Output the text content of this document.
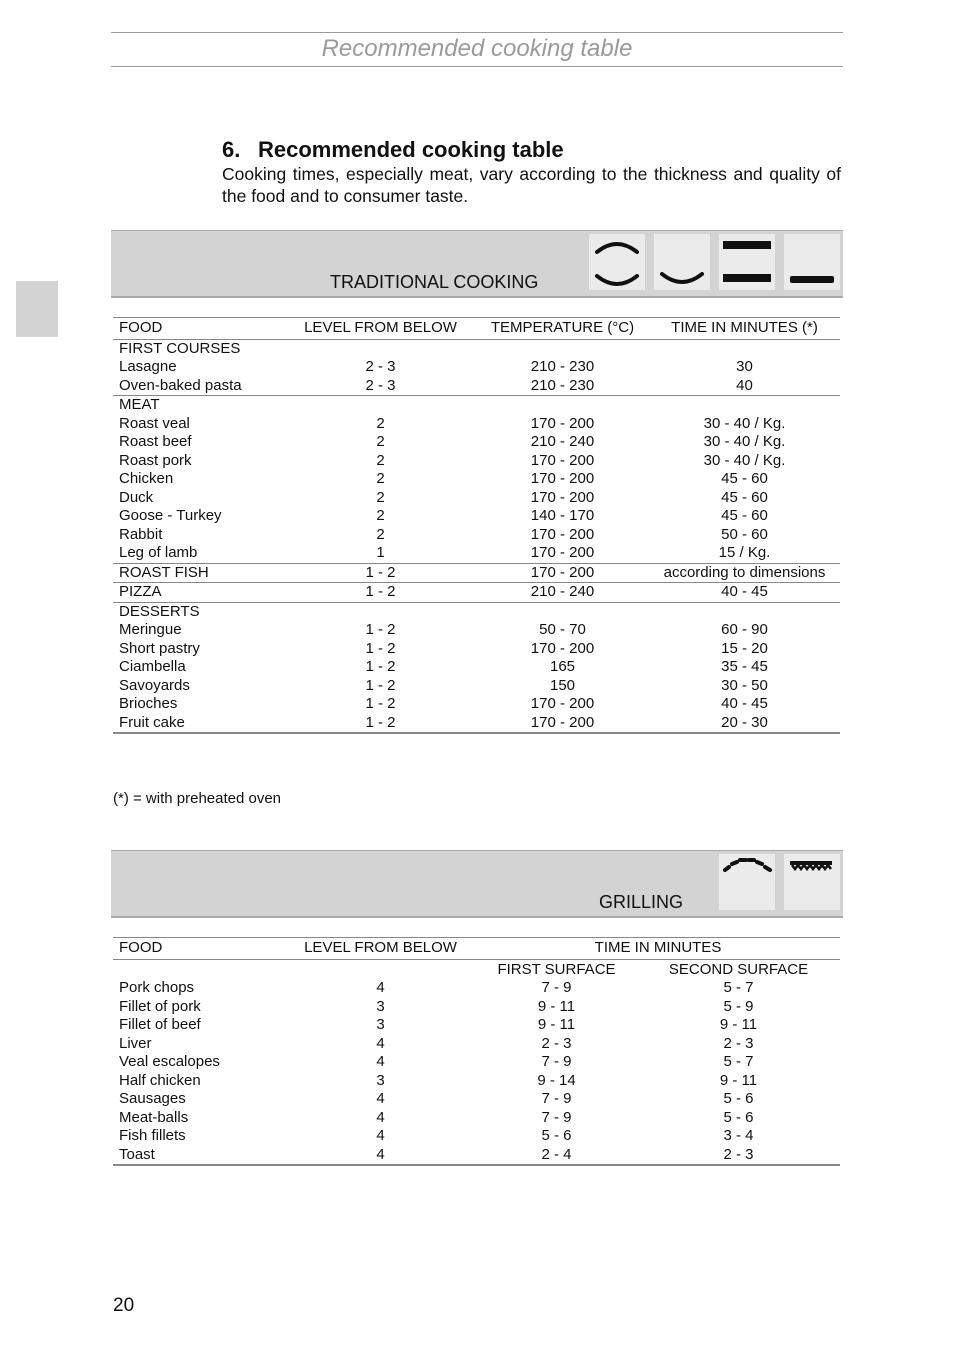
Recommended cooking table
6. Recommended cooking table
Cooking times, especially meat, vary according to the thickness and quality of the food and to consumer taste.
TRADITIONAL COOKING
FOOD	LEVEL FROM BELOW	TEMPERATURE (°C)	TIME IN MINUTES (*)
FIRST COURSES			
Lasagne	2 - 3	210 - 230	30
Oven-baked pasta	2 - 3	210 - 230	40
MEAT			
Roast veal	2	170 - 200	30 - 40 / Kg.
Roast beef	2	210 - 240	30 - 40 / Kg.
Roast pork	2	170 - 200	30 - 40 / Kg.
Chicken	2	170 - 200	45 - 60
Duck	2	170 - 200	45 - 60
Goose - Turkey	2	140 - 170	45 - 60
Rabbit	2	170 - 200	50 - 60
Leg of lamb	1	170 - 200	15 / Kg.
ROAST FISH	1 - 2	170 - 200	according to dimensions
PIZZA	1 - 2	210 - 240	40 - 45
DESSERTS			
Meringue	1 - 2	50 - 70	60 - 90
Short pastry	1 - 2	170 - 200	15 - 20
Ciambella	1 - 2	165	35 - 45
Savoyards	1 - 2	150	30 - 50
Brioches	1 - 2	170 - 200	40 - 45
Fruit cake	1 - 2	170 - 200	20 - 30
(*) = with preheated oven
GRILLING
FOOD	LEVEL FROM BELOW	TIME IN MINUTES	
		FIRST SURFACE	SECOND SURFACE
Pork chops	4	7 - 9	5 - 7
Fillet of pork	3	9 - 11	5 - 9
Fillet of beef	3	9 - 11	9 - 11
Liver	4	2 - 3	2 - 3
Veal escalopes	4	7 - 9	5 - 7
Half chicken	3	9 - 14	9 - 11
Sausages	4	7 - 9	5 - 6
Meat-balls	4	7 - 9	5 - 6
Fish fillets	4	5 - 6	3 - 4
Toast	4	2 - 4	2 - 3
20
